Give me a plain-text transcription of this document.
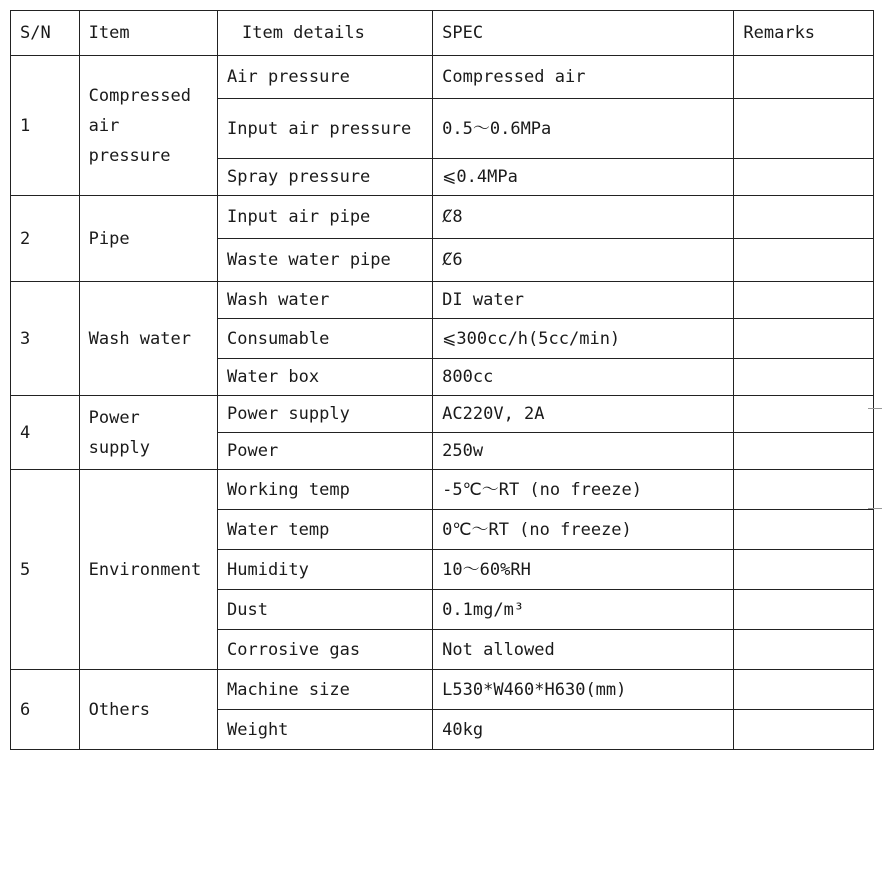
S/N	Item	Item details	SPEC	Remarks
1	Compressed air pressure	Air pressure	Compressed air	
		Input air pressure	0.5～0.6MPa	
		Spray pressure	⩽0.4MPa	
2	Pipe	Input air pipe	Ȼ8	
		Waste water pipe	Ȼ6	
3	Wash water	Wash water	DI water	
		Consumable	⩽300cc/h(5cc/min)	
		Water box	800cc	
4	Power supply	Power supply	AC220V, 2A	
		Power	250w	
5	Environment	Working temp	-5℃～RT (no freeze)	
		Water temp	0℃～RT (no freeze)	
		Humidity	10～60%RH	
		Dust	0.1mg/m³	
		Corrosive gas	Not allowed	
6	Others	Machine size	L530*W460*H630(mm)	
		Weight	40kg	
